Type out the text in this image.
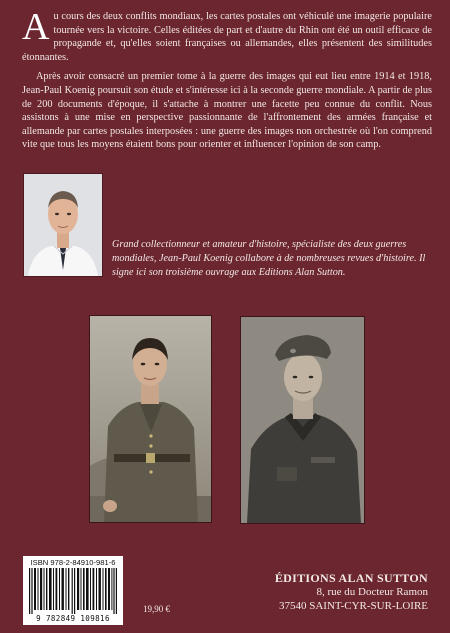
Au cours des deux conflits mondiaux, les cartes postales ont véhiculé une imagerie populaire tournée vers la victoire. Celles éditées de part et d'autre du Rhin ont été un outil efficace de propagande et, qu'elles soient françaises ou allemandes, elles présentent des similitudes étonnantes.

Après avoir consacré un premier tome à la guerre des images qui eut lieu entre 1914 et 1918, Jean-Paul Koenig poursuit son étude et s'intéresse ici à la seconde guerre mondiale. A partir de plus de 200 documents d'époque, il s'attache à montrer une facette peu connue du conflit. Nous assistons à une mise en perspective passionnante de l'affrontement des armées française et allemande par cartes postales interposées : une guerre des images non orchestrée où l'on comprend vite que tous les moyens étaient bons pour orienter et influencer l'opinion de son camp.

Grand collectionneur et amateur d'histoire, spécialiste des deux guerres mondiales, Jean-Paul Koenig collabore à de nombreuses revues d'histoire. Il signe ici son troisième ouvrage aux Editions Alan Sutton.
ISBN 978-2-84910-981-6
9 782849 109816
19,90 €
ÉDITIONS ALAN SUTTON
8, rue du Docteur Ramon
37540 SAINT-CYR-SUR-LOIRE
